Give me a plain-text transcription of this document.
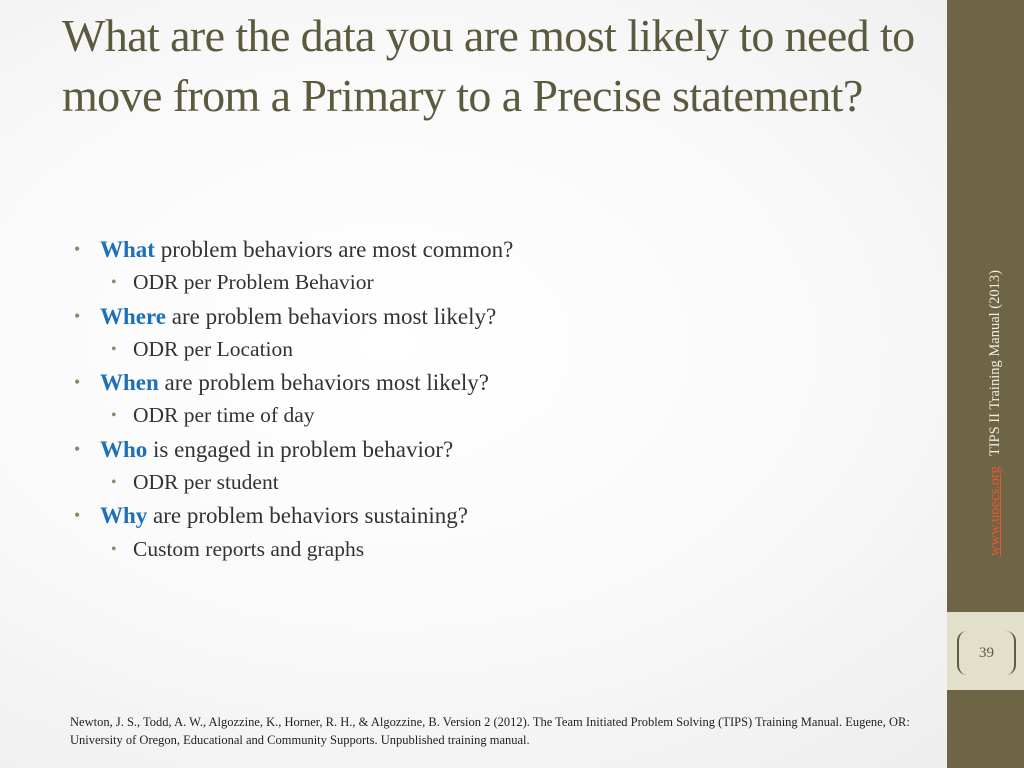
What are the data you are most likely to need to move from a Primary to a Precise statement?
• What problem behaviors are most common?
• ODR per Problem Behavior
• Where are problem behaviors most likely?
• ODR per Location
• When are problem behaviors most likely?
• ODR per time of day
• Who is engaged in problem behavior?
• ODR per student
• Why are problem behaviors sustaining?
• Custom reports and graphs
Newton, J. S., Todd, A. W., Algozzine, K., Horner, R. H., & Algozzine, B. Version 2 (2012). The Team Initiated Problem Solving (TIPS) Training Manual. Eugene, OR: University of Oregon, Educational and Community Supports. Unpublished training manual.
39
www.uoecs.org
TIPS II Training Manual (2013)
